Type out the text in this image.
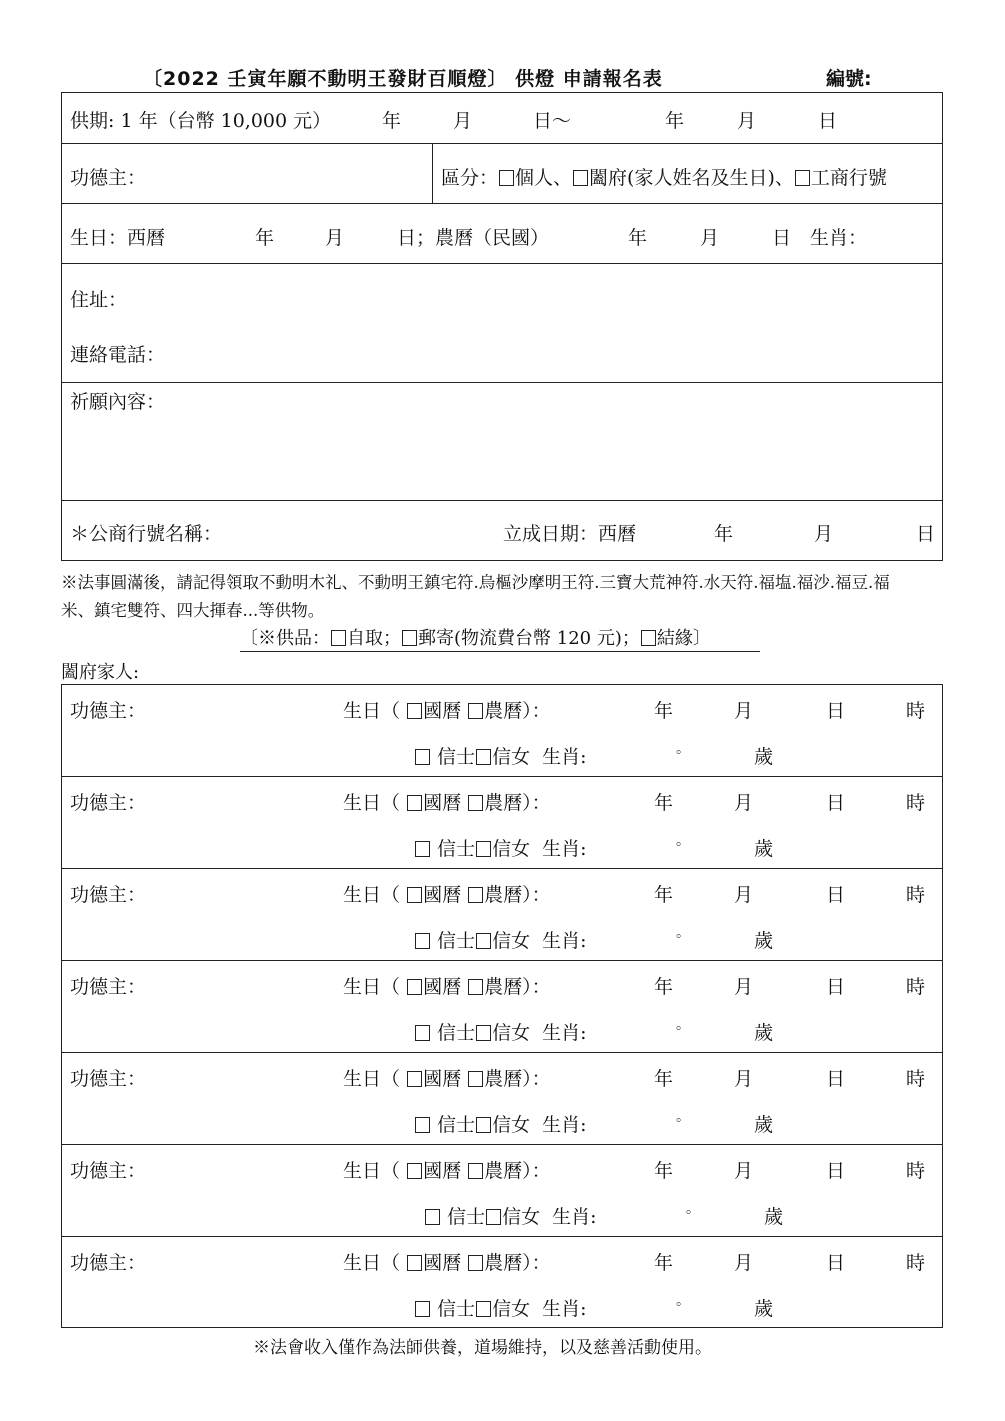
〔2022 壬寅年願不動明王發財百順燈〕 供燈 申請報名表	編號:
供期: 1 年（台幣 10,000 元）	年	月	日～	年	月	日
功德主：	區分： 個人、 闔府(家人姓名及生日)、 工商行號
生日：西曆	年	月	日；農曆（民國）	年	月	日 生肖：
住址：
連絡電話：
祈願內容：
＊公商行號名稱：	立成日期：西曆	年	月	日
※法事圓滿後，請記得領取不動明木礼、不動明王鎮宅符.烏樞沙摩明王符.三寶大荒神符.水天符.福塩.福沙.福豆.福
米、鎮宅雙符、四大揮春...等供物。
〔※供品： 自取； 郵寄(物流費台幣 120 元)； 結緣〕
闔府家人:
功德主：	生日（ 國曆 農曆）：	年	月	日	時
信士 信女 生肖:	。	歲
功德主：	生日（ 國曆 農曆）：	年	月	日	時
信士 信女 生肖:	。	歲
功德主：	生日（ 國曆 農曆）：	年	月	日	時
信士 信女 生肖:	。	歲
功德主：	生日（ 國曆 農曆）：	年	月	日	時
信士 信女 生肖:	。	歲
功德主：	生日（ 國曆 農曆）：	年	月	日	時
信士 信女 生肖:	。	歲
功德主：	生日（ 國曆 農曆）：	年	月	日	時
信士 信女 生肖:	。	歲
功德主：	生日（ 國曆 農曆）：	年	月	日	時
信士 信女 生肖:	。	歲
※法會收入僅作為法師供養，道場維持，以及慈善活動使用。
